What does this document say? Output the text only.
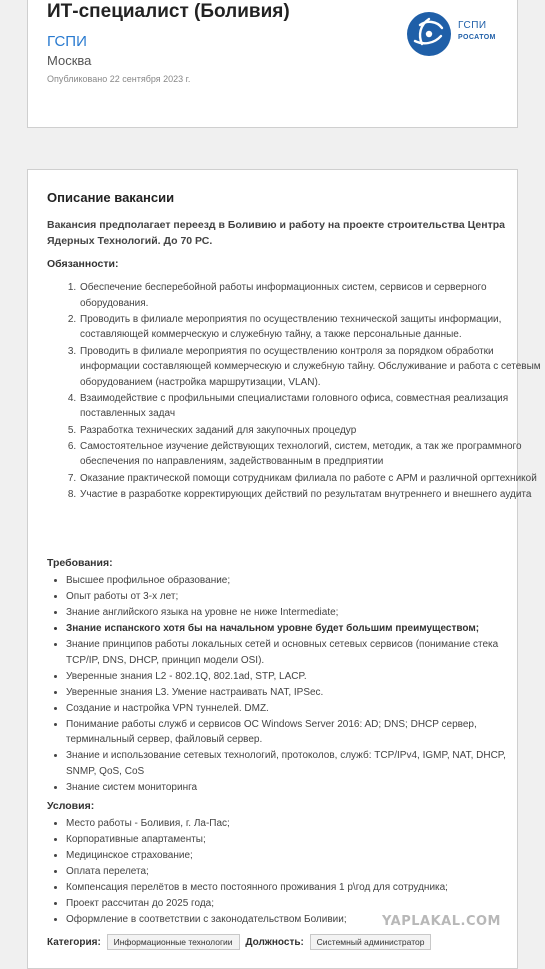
ИТ-специалист (Боливия)
ГСПИ
Москва
Опубликовано 22 сентября 2023 г.
ГСПИ
РОСАТОМ
Описание вакансии

Вакансия предполагает переезд в Боливию и работу на проекте строительства Центра Ядерных Технологий. До 70 РС.

Обязанности:

1. Обеспечение бесперебойной работы информационных систем, сервисов и серверного оборудования.
2. Проводить в филиале мероприятия по осуществлению технической защиты информации, составляющей коммерческую и служебную тайну, а также персональные данные.
3. Проводить в филиале мероприятия по осуществлению контроля за порядком обработки информации составляющей коммерческую и служебную тайну. Обслуживание и работа с сетевым оборудованием (настройка маршрутизации, VLAN).
4. Взаимодействие с профильными специалистами головного офиса, совместная реализация поставленных задач
5. Разработка технических заданий для закупочных процедур
6. Самостоятельное изучение действующих технологий, систем, методик, а так же программного обеспечения по направлениям, задействованным в предприятии
7. Оказание практической помощи сотрудникам филиала по работе с АРМ и различной оргтехникой
8. Участие в разработке корректирующих действий по результатам внутреннего и внешнего аудита

Требования:

• Высшее профильное образование;
• Опыт работы от 3-х лет;
• Знание английского языка на уровне не ниже Intermediate;
• Знание испанского хотя бы на начальном уровне будет большим преимуществом;
• Знание принципов работы локальных сетей и основных сетевых сервисов (понимание стека TCP/IP, DNS, DHCP, принцип модели OSI).
• Уверенные знания L2 - 802.1Q, 802.1ad, STP, LACP.
• Уверенные знания L3. Умение настраивать NAT, IPSec.
• Создание и настройка VPN туннелей. DMZ.
• Понимание работы служб и сервисов ОС Windows Server 2016: AD; DNS; DHCP сервер, терминальный сервер, файловый сервер.
• Знание и использование сетевых технологий, протоколов, служб: TCP/IPv4, IGMP, NAT, DHCP, SNMP, QoS, CoS
• Знание систем мониторинга

Условия:

• Место работы - Боливия, г. Ла-Пас;
• Корпоративные апартаменты;
• Медицинское страхование;
• Оплата перелета;
• Компенсация перелётов в место постоянного проживания 1 р\год для сотрудника;
• Проект рассчитан до 2025 года;
• Оформление в соответствии с законодательством Боливии;
Категория: Информационные технологии Должность: Системный администратор
YAPLAKAL.COM
